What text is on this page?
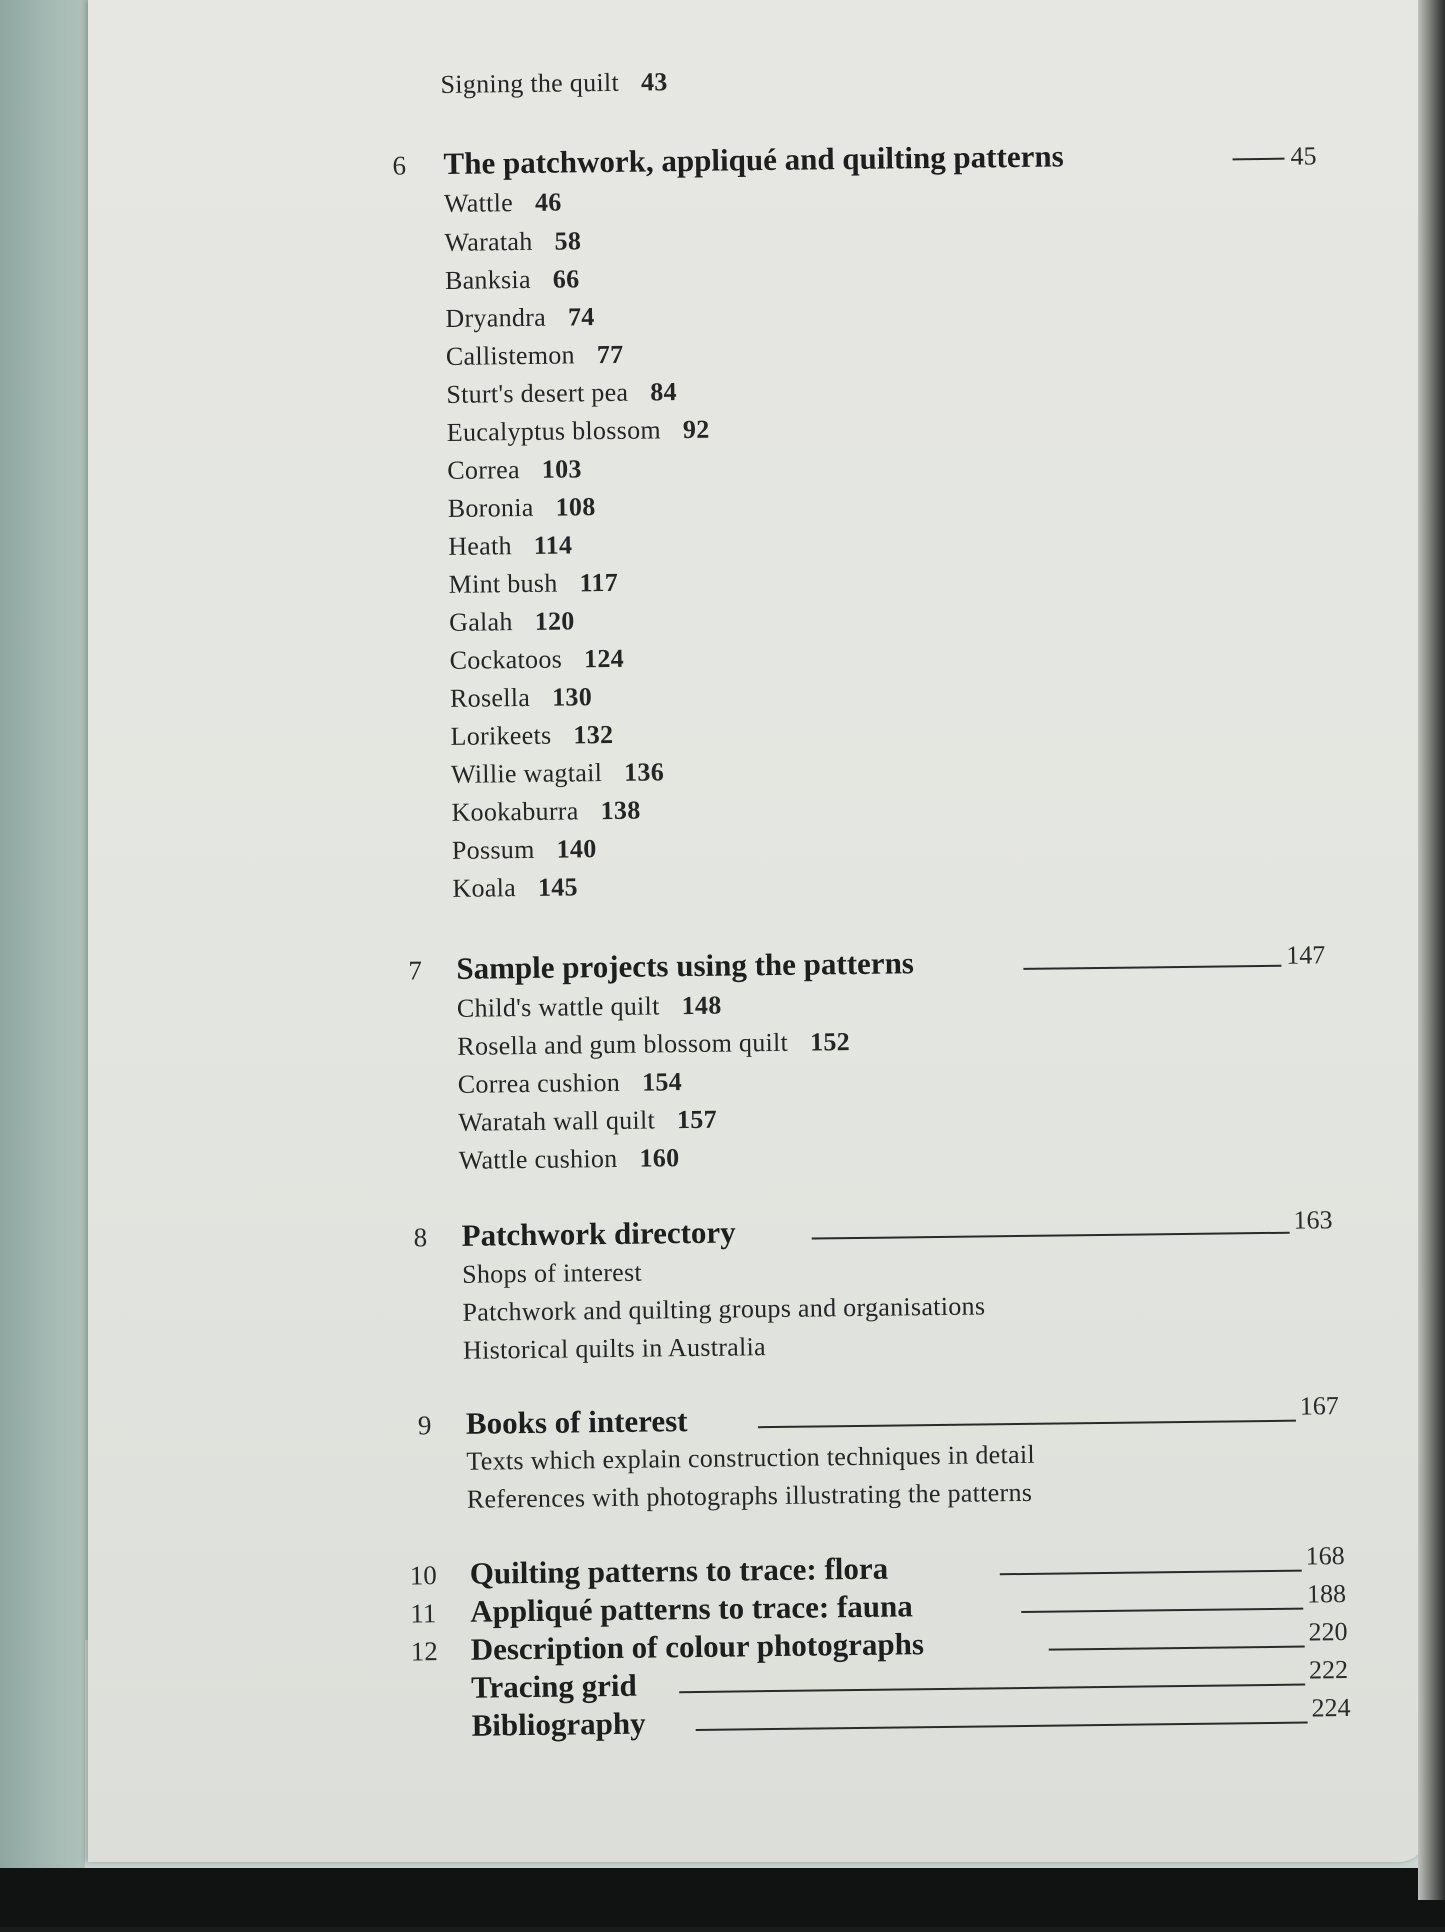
Signing the quilt 43
6 The patchwork, appliqué and quilting patterns	45
Wattle 46
Waratah 58
Banksia 66
Dryandra 74
Callistemon 77
Sturt's desert pea 84
Eucalyptus blossom 92
Correa 103
Boronia 108
Heath 114
Mint bush 117
Galah 120
Cockatoos 124
Rosella 130
Lorikeets 132
Willie wagtail 136
Kookaburra 138
Possum 140
Koala 145
7 Sample projects using the patterns	147
Child's wattle quilt 148
Rosella and gum blossom quilt 152
Correa cushion 154
Waratah wall quilt 157
Wattle cushion 160
8 Patchwork directory	163
Shops of interest
Patchwork and quilting groups and organisations
Historical quilts in Australia
9 Books of interest	167
Texts which explain construction techniques in detail
References with photographs illustrating the patterns
10 Quilting patterns to trace: flora	168
11 Appliqué patterns to trace: fauna	188
12 Description of colour photographs	220
Tracing grid	222
Bibliography	224
